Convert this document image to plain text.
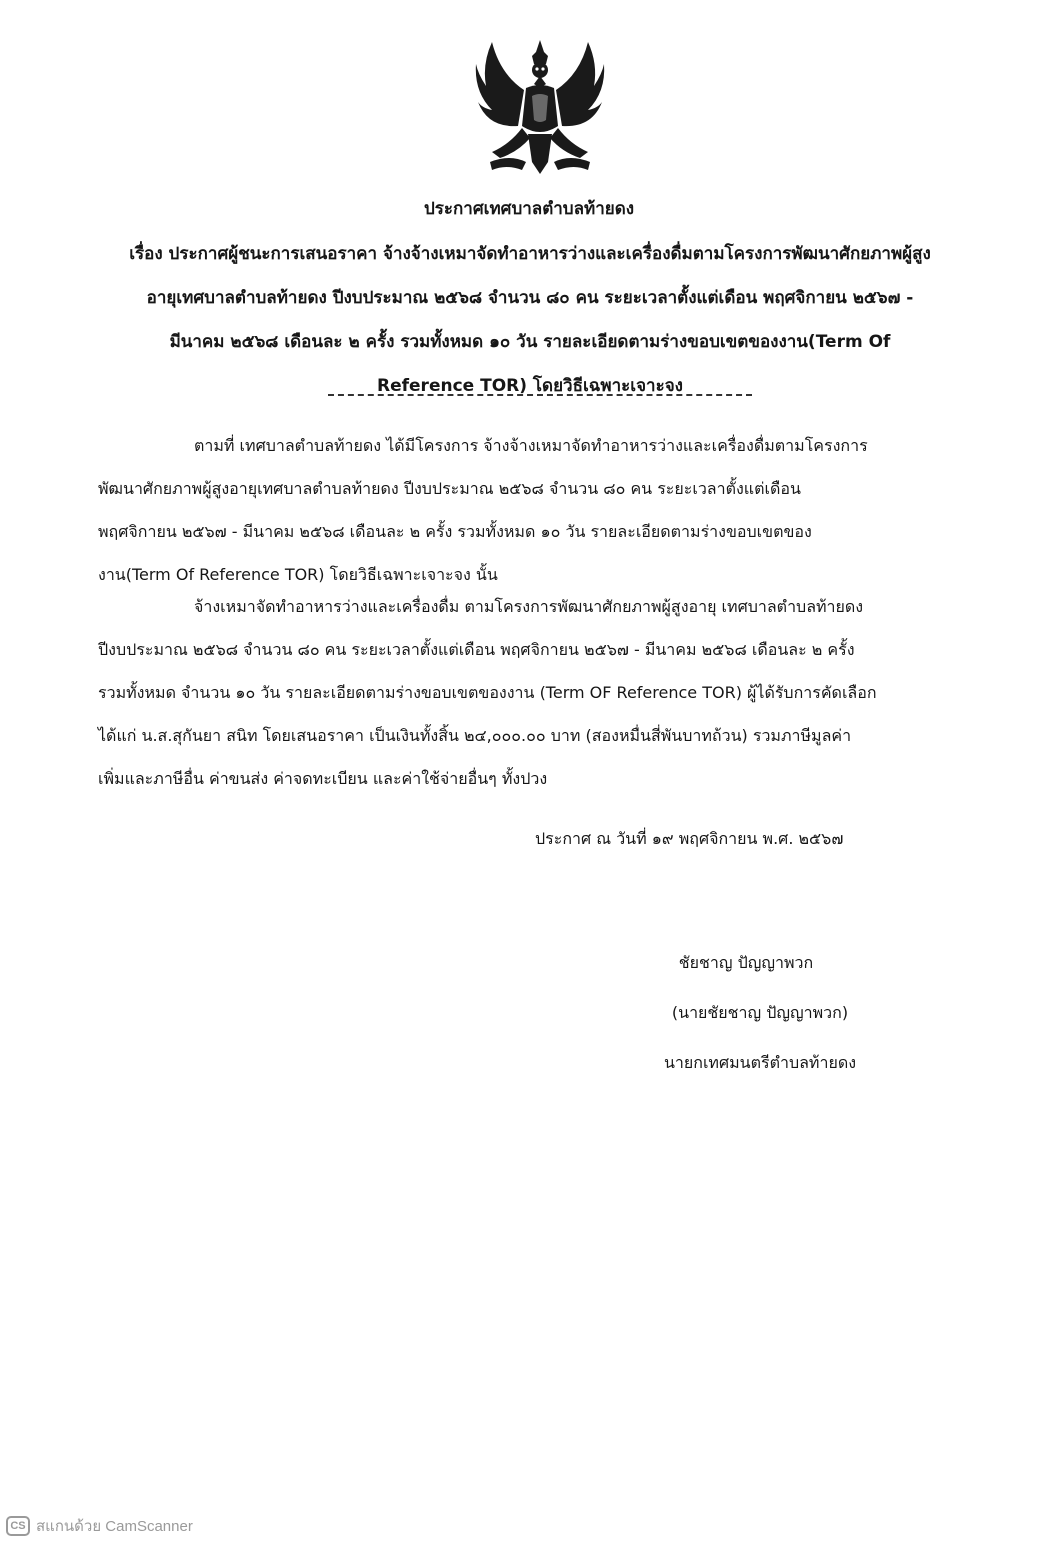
ประกาศเทศบาลตำบลท้ายดง

เรื่อง ประกาศผู้ชนะการเสนอราคา จ้างจ้างเหมาจัดทำอาหารว่างและเครื่องดื่มตามโครงการพัฒนาศักยภาพผู้สูง
อายุเทศบาลตำบลท้ายดง ปีงบประมาณ ๒๕๖๘ จำนวน ๘๐ คน ระยะเวลาตั้งแต่เดือน พฤศจิกายน ๒๕๖๗ -
มีนาคม ๒๕๖๘ เดือนละ ๒ ครั้ง รวมทั้งหมด ๑๐ วัน รายละเอียดตามร่างขอบเขตของงาน(Term Of
Reference TOR) โดยวิธีเฉพาะเจาะจง

ตามที่ เทศบาลตำบลท้ายดง ได้มีโครงการ จ้างจ้างเหมาจัดทำอาหารว่างและเครื่องดื่มตามโครงการ
พัฒนาศักยภาพผู้สูงอายุเทศบาลตำบลท้ายดง ปีงบประมาณ ๒๕๖๘ จำนวน ๘๐ คน ระยะเวลาตั้งแต่เดือน
พฤศจิกายน ๒๕๖๗ - มีนาคม ๒๕๖๘ เดือนละ ๒ ครั้ง รวมทั้งหมด ๑๐ วัน รายละเอียดตามร่างขอบเขตของ
งาน(Term Of Reference TOR) โดยวิธีเฉพาะเจาะจง นั้น

จ้างเหมาจัดทำอาหารว่างและเครื่องดื่ม ตามโครงการพัฒนาศักยภาพผู้สูงอายุ เทศบาลตำบลท้ายดง
ปีงบประมาณ ๒๕๖๘ จำนวน ๘๐ คน ระยะเวลาตั้งแต่เดือน พฤศจิกายน ๒๕๖๗ - มีนาคม ๒๕๖๘ เดือนละ ๒ ครั้ง
รวมทั้งหมด จำนวน ๑๐ วัน รายละเอียดตามร่างขอบเขตของงาน (Term OF Reference TOR) ผู้ได้รับการคัดเลือก
ได้แก่ น.ส.สุกันยา สนิท โดยเสนอราคา เป็นเงินทั้งสิ้น ๒๔,๐๐๐.๐๐ บาท (สองหมื่นสี่พันบาทถ้วน) รวมภาษีมูลค่า
เพิ่มและภาษีอื่น ค่าขนส่ง ค่าจดทะเบียน และค่าใช้จ่ายอื่นๆ ทั้งปวง

ประกาศ ณ วันที่ ๑๙ พฤศจิกายน พ.ศ. ๒๕๖๗
ชัยชาญ ปัญญาพวก
(นายชัยชาญ ปัญญาพวก)
นายกเทศมนตรีตำบลท้ายดง
CS สแกนด้วย CamScanner
